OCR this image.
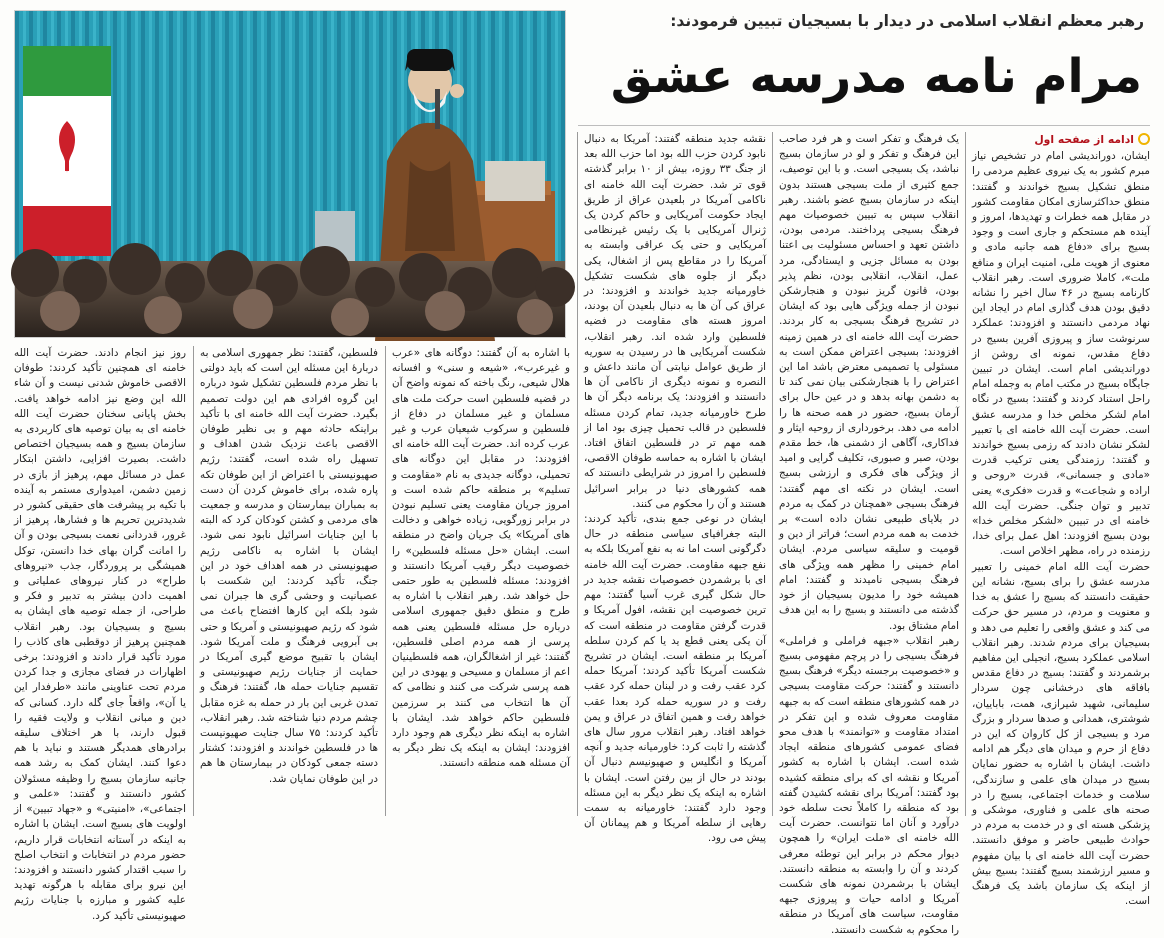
رهبر معظم انقلاب اسلامی در دیدار با بسیجیان تبیین فرمودند:
مرام نامه مدرسه عشق
ادامه از صفحه اول

ایشان، دوراندیشی امام در تشخیص نیاز مبرم کشور به یک نیروی عظیم مردمی را منطق تشکیل بسیج خواندند و گفتند: منطق حداکثرسازی امکان مقاومت کشور در مقابل همه خطرات و تهدیدها، امروز و آینده هم مستحکم و جاری است و وجود بسیج برای «دفاع همه جانبه مادی و معنوی از هویت ملی، امنیت ایران و منافع ملت»، کاملا ضروری است. رهبر انقلاب کارنامه بسیج در ۴۶ سال اخیر را نشانه دقیق بودن هدف گذاری امام در ایجاد این نهاد مردمی دانستند و افزودند: عملکرد سرنوشت ساز و پیروزی آفرین بسیج در دفاع مقدس، نمونه ای روشن از دوراندیشی امام است. ایشان در تبیین جایگاه بسیج در مکتب امام به وجمله امام راحل استناد کردند و گفتند: بسیج در نگاه امام لشکر مخلص خدا و مدرسه عشق است. حضرت آیت الله خامنه ای با تعبیر لشکر نشان دادند که رزمی بسیج خواندند و گفتند: رزمندگی یعنی ترکیب قدرت «مادی و جسمانی»، قدرت «روحی و اراده و شجاعت» و قدرت «فکری» یعنی تدبیر و توان جنگی. حضرت آیت الله خامنه ای در تبیین «لشکر مخلص خدا» بودن بسیج افزودند: اهل عمل برای خدا، رزمنده در راه، مظهر اخلاص است.

حضرت آیت الله امام خمینی را تعبیر مدرسه عشق را برای بسیج، نشانه این حقیقت دانستند که بسیج را عشق به خدا و معنویت و مردم، در مسیر حق حرکت می کند و عشق واقعی را تعلیم می دهد و بسیجیان برای مردم شدند. رهبر انقلاب اسلامی عملکرد بسیج، انجیلی این مفاهیم برشمردند و گفتند: بسیج در دفاع مقدس بافاقه های درخشانی چون سردار سلیمانی، شهید شیرازی، همت، باباییان، شوشتری، همدانی و صدها سردار و بزرگ مرد و بسیجی از کل کاروان که این در دفاع از حرم و میدان های دیگر هم ادامه داشت. ایشان با اشاره به حضور نمایان بسیج در میدان های علمی و سازندگی، سلامت و خدمات اجتماعی، بسیج را در صحنه های علمی و فناوری، موشکی و پزشکی هسته ای و در خدمت به مردم در حوادث طبیعی حاضر و موفق دانستند. حضرت آیت الله خامنه ای با بیان مفهوم و مسیر ارزشمند بسیج گفتند: بسیج بیش از اینکه یک سازمان باشد یک فرهنگ است.

یک فرهنگ و تفکر است و هر فرد صاحب این فرهنگ و تفکر و لو در سازمان بسیج نباشد، یک بسیجی است. و با این توصیف، جمع کثیری از ملت بسیجی هستند بدون اینکه در سازمان بسیج عضو باشند. رهبر انقلاب سپس به تبیین خصوصیات مهم فرهنگ بسیجی پرداختند. مردمی بودن، داشتن تعهد و احساس مسئولیت بی اعتنا بودن به مسائل جزیی و ایستادگی، مرد عمل، انقلاب، انقلابی بودن، نظم پذیر بودن، قانون گریز نبودن و هنجارشکن نبودن از جمله ویژگی هایی بود که ایشان در تشریح فرهنگ بسیجی به کار بردند. حضرت آیت الله خامنه ای در همین زمینه افزودند: بسیجی اعتراض ممکن است به مسئولی یا تصمیمی معترض باشد اما این اعتراض را با هنجارشکنی بیان نمی کند تا به دشمن بهانه بدهد و در عین حال برای آرمان بسیج، حضور در همه صحنه ها را ادامه می دهد. برخورداری از روحیه ایثار و فداکاری، آگاهی از دشمنی ها، خط مقدم بودن، صبر و صبوری، تکلیف گرایی و امید از ویژگی های فکری و ارزشی بسیج است. ایشان در نکته ای مهم گفتند: فرهنگ بسیجی «همچنان در کمک به مردم در بلایای طبیعی نشان داده است» بر خدمت به همه مردم است؛ فراتر از دین و قومیت و سلیقه سیاسی مردم. ایشان امام خمینی را مظهر همه ویژگی های فرهنگ بسیجی نامیدند و گفتند: امام همیشه خود را مدیون بسیجیان از خود گذشته می دانستند و بسیج را به این هدف امام مشتاق بود.

رهبر انقلاب «جبهه فراملی و فراملی» فرهنگ بسیجی را در پرچم مفهومی بسیج و «خصوصیت برجسته دیگر» فرهنگ بسیج دانستند و گفتند: حرکت مقاومت بسیجی در همه کشورهای منطقه است که به جبهه مقاومت معروف شده و این تفکر در امتداد مقاومت و «توانمند» با هدف محو فضای عمومی کشورهای منطقه ایجاد شده است. ایشان با اشاره به کشور آمریکا و نقشه ای که برای منطقه کشیده بود گفتند: آمریکا برای نقشه کشیدن گفته بود که منطقه را کاملاً تحت سلطه خود درآورد و آنان اما نتوانست. حضرت آیت الله خامنه ای «ملت ایران» را همچون دیوار محکم در برابر این توطئه معرفی کردند و آن را وابسته به منطقه دانستند. ایشان با برشمردن نمونه های شکست آمریکا و ادامه حیات و پیروزی جبهه مقاومت، سیاست های آمریکا در منطقه را محکوم به شکست دانستند.

نقشه جدید منطقه گفتند: آمریکا به دنبال نابود کردن حزب الله بود اما حزب الله بعد از جنگ ۳۳ روزه، بیش از ۱۰ برابر گذشته قوی تر شد. حضرت آیت الله خامنه ای ناکامی آمریکا در بلعیدن عراق از طریق ایجاد حکومت آمریکایی و حاکم کردن یک ژنرال آمریکایی با یک رئیس غیرنظامی آمریکایی و حتی یک عراقی وابسته به آمریکا را در مقاطع پس از اشغال، یکی دیگر از جلوه های شکست تشکیل خاورمیانه جدید خواندند و افزودند: در عراق کی آن ها به دنبال بلعیدن آن بودند، امروز هسته های مقاومت در فضیه فلسطین وارد شده اند. رهبر انقلاب، شکست آمریکایی ها در رسیدن به سوریه از طریق عوامل نیابتی آن مانند داعش و النصره و نمونه دیگری از ناکامی آن ها دانستند و افزودند: یک برنامه دیگر آن ها طرح خاورمیانه جدید، تمام کردن مسئله فلسطین در قالب تحمیل چیزی بود اما از همه مهم تر در فلسطین اتفاق افتاد. ایشان با اشاره به حماسه طوفان الاقصی، فلسطین را امروز در شرایطی دانستند که همه کشورهای دنیا در برابر اسرائیل هستند و آن را محکوم می کنند.

ایشان در نوعی جمع بندی، تأکید کردند: البته جغرافیای سیاسی منطقه در حال دگرگونی است اما نه به نفع آمریکا بلکه به نفع جبهه مقاومت. حضرت آیت الله خامنه ای با برشمردن خصوصیات نقشه جدید در حال شکل گیری غرب آسیا گفتند: مهم ترین خصوصیت این نقشه، افول آمریکا و قدرت گرفتن مقاومت در منطقه است که آن یکی یعنی قطع ید یا کم کردن سلطه آمریکا بر منطقه است. ایشان در تشریح شکست آمریکا تأکید کردند: آمریکا حمله کرد عقب رفت و در لبنان حمله کرد عقب رفت و در سوریه حمله کرد بعدا عقب خواهد رفت و همین اتفاق در عراق و یمن خواهد افتاد. رهبر انقلاب مرور سال های گذشته را ثابت کرد: خاورمیانه جدید و آنچه آمریکا و انگلیس و صهیونیسم دنبال آن بودند در حال از بین رفتن است. ایشان با اشاره به اینکه یک نظر دیگر به این مسئله وجود دارد گفتند: خاورمیانه به سمت رهایی از سلطه آمریکا و هم پیمانان آن پیش می رود.

با اشاره به آن گفتند: دوگانه های «عرب و غیرعرب»، «شیعه و سنی» و افسانه هلال شیعی، رنگ باخته که نمونه واضح آن در قضیه فلسطین است حرکت ملت های مسلمان و غیر مسلمان در دفاع از فلسطین و سرکوب شیعیان عرب و غیر عرب کرده اند. حضرت آیت الله خامنه ای افزودند: در مقابل این دوگانه های تحمیلی، دوگانه جدیدی به نام «مقاومت و تسلیم» بر منطقه حاکم شده است و امروز جریان مقاومت یعنی تسلیم نبودن در برابر زورگویی، زیاده خواهی و دخالت های آمریکا» یک جریان واضح در منطقه است. ایشان «حل مسئله فلسطین» را خصوصیت دیگر رقیب آمریکا دانستند و افزودند: مسئله فلسطین به طور حتمی حل خواهد شد. رهبر انقلاب با اشاره به طرح و منطق دقیق جمهوری اسلامی درباره حل مسئله فلسطین یعنی همه پرسی از همه مردم اصلی فلسطین، گفتند: غیر از اشغالگران، همه فلسطینیان اعم از مسلمان و مسیحی و یهودی در این همه پرسی شرکت می کنند و نظامی که آن ها انتخاب می کنند بر سرزمین فلسطین حاکم خواهد شد. ایشان با اشاره به اینکه نظر دیگری هم وجود دارد افزودند: ایشان به اینکه یک نظر دیگر به آن مسئله همه منطقه دانستند.

فلسطین، گفتند: نظر جمهوری اسلامی به دربارهٔ این مسئله این است که باید دولتی با نظر مردم فلسطین تشکیل شود درباره این گروه افرادی هم این دولت تصمیم بگیرد. حضرت آیت الله خامنه ای با تأکید براینکه حادثه مهم و بی نظیر طوفان الاقصی باعث نزدیک شدن اهداف و تسهیل راه شده است، گفتند: رژیم صهیونیستی با اعتراض از این طوفان تکه پاره شده، برای خاموش کردن آن دست به بمباران بیمارستان و مدرسه و جمعیت های مردمی و کشتن کودکان کرد که البته با این جنایات اسرائیل نابود نمی شود. ایشان با اشاره به ناکامی رژیم صهیونیستی در همه اهداف خود در این جنگ، تأکید کردند: این شکست با عصبانیت و وحشی گری ها جبران نمی شود بلکه این کارها افتضاح باعث می شود که رژیم صهیونیستی و آمریکا و حتی بی آبرویی فرهنگ و ملت آمریکا شود. ایشان با تقبیح موضع گیری آمریکا در حمایت از جنایات رژیم صهیونیستی و تقسیم جنایات حمله ها، گفتند: فرهنگ و تمدن غربی این بار در حمله به غزه مقابل چشم مردم دنیا شناخته شد. رهبر انقلاب، تأکید کردند: ۷۵ سال جنایت صهیونیست ها در فلسطین خواندند و افزودند: کشتار دسته جمعی کودکان در بیمارستان ها هم در این طوفان نمایان شد.

روز نیز انجام دادند. حضرت آیت الله خامنه ای همچنین تأکید کردند: طوفان الاقصی خاموش شدنی نیست و آن شاء الله این وضع نیز ادامه خواهد یافت. بخش پایانی سخنان حضرت آیت الله خامنه ای به بیان توصیه های کاربردی به سازمان بسیج و همه بسیجیان اختصاص داشت. بصیرت افزایی، داشتن ابتکار عمل در مسائل مهم، پرهیز از بازی در زمین دشمن، امیدواری مستمر به آینده با تکیه بر پیشرفت های حقیقی کشور در شدیدترین تحریم ها و فشارها، پرهیز از غرور، قدردانی نعمت بسیجی بودن و آن را امانت گران بهای خدا دانستن، توکل همیشگی بر پروردگار، جذب «نیروهای طراح» در کنار نیروهای عملیاتی و اهمیت دادن بیشتر به تدبیر و فکر و طراحی، از جمله توصیه های ایشان به بسیج و بسیجیان بود. رهبر انقلاب همچنین پرهیز از دوقطبی های کاذب را مورد تأکید قرار دادند و افزودند: برخی اظهارات در فضای مجازی و جدا کردن مردم تحت عناوینی مانند «طرفدار این یا آن»، واقعاً جای گله دارد. کسانی که دین و مبانی انقلاب و ولایت فقیه را قبول دارند، با هر اختلاف سلیقه برادرهای همدیگر هستند و نباید با هم دعوا کنند. ایشان کمک به رشد همه جانبه سازمان بسیج را وظیفه مسئولان کشور دانستند و گفتند: «علمی و اجتماعی»، «امنیتی» و «جهاد تبیین» از اولویت های بسیج است. ایشان با اشاره به اینکه در آستانه انتخابات قرار داریم، حضور مردم در انتخابات و انتخاب اصلح را سبب اقتدار کشور دانستند و افزودند: این نیرو برای مقابله با هرگونه تهدید علیه کشور و مبارزه با جنایات رژیم صهیونیستی تأکید کرد.
